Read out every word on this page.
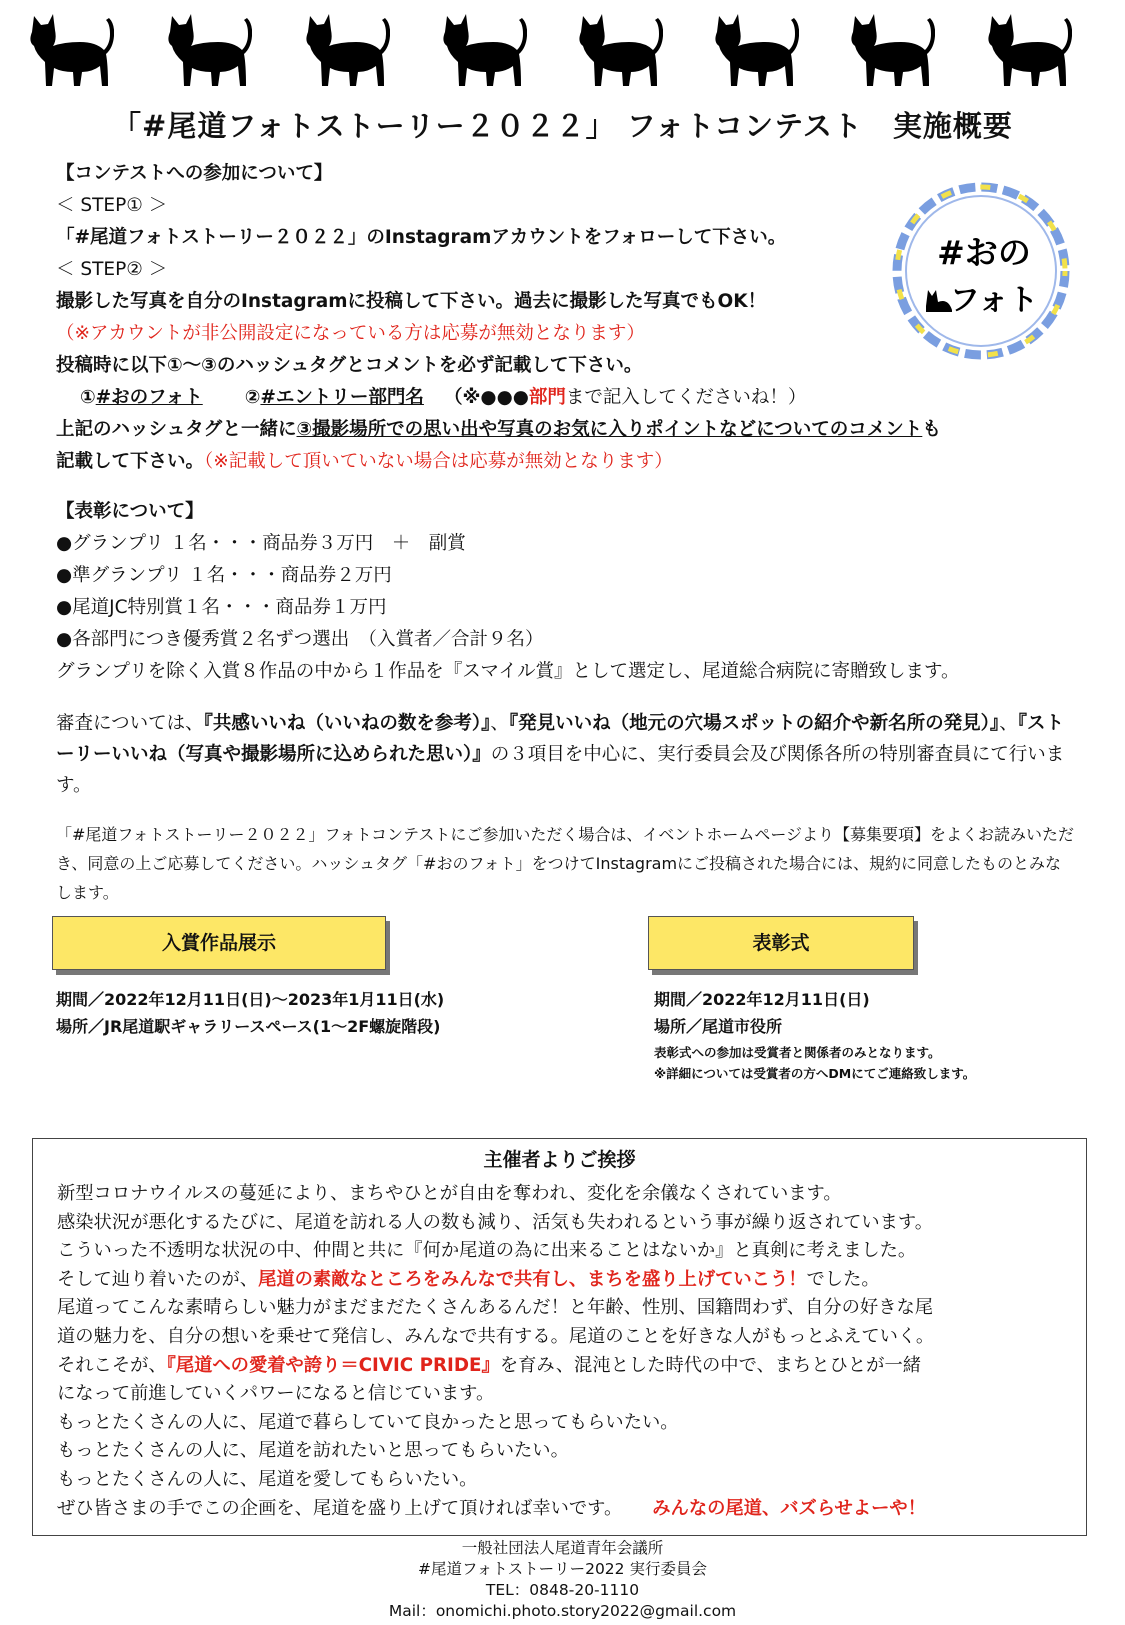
「#尾道フォトストーリー２０２２」 フォトコンテスト　実施概要
#おの
フォト
【コンテストへの参加について】
＜ STEP① ＞
「#尾道フォトストーリー２０２２」のInstagramアカウントをフォローして下さい。
＜ STEP② ＞
撮影した写真を自分のInstagramに投稿して下さい。過去に撮影した写真でもOK！
（※アカウントが非公開設定になっている方は応募が無効となります）
投稿時に以下①～③のハッシュタグとコメントを必ず記載して下さい。
①#おのフォト ②#エントリー部門名 （※●●●部門まで記入してくださいね！）
上記のハッシュタグと一緒に③撮影場所での思い出や写真のお気に入りポイントなどについてのコメントも
記載して下さい。（※記載して頂いていない場合は応募が無効となります）
【表彰について】
●グランプリ １名・・・商品券３万円　＋　副賞
●準グランプリ １名・・・商品券２万円
●尾道JC特別賞１名・・・商品券１万円
●各部門につき優秀賞２名ずつ選出　（入賞者／合計９名）
グランプリを除く入賞８作品の中から１作品を『スマイル賞』として選定し、尾道総合病院に寄贈致します。
審査については、『共感いいね（いいねの数を参考）』、『発見いいね（地元の穴場スポットの紹介や新名所の発見）』、『ストーリーいいね（写真や撮影場所に込められた思い）』の３項目を中心に、実行委員会及び関係各所の特別審査員にて行います。
「#尾道フォトストーリー２０２２」フォトコンテストにご参加いただく場合は、イベントホームページより【募集要項】をよくお読みいただき、同意の上ご応募してください。ハッシュタグ「#おのフォト」をつけてInstagramにご投稿された場合には、規約に同意したものとみなします。
入賞作品展示	表彰式
期間／2022年12月11日(日)～2023年1月11日(水)
場所／JR尾道駅ギャラリースペース(1～2F螺旋階段)
期間／2022年12月11日(日)
場所／尾道市役所
表彰式への参加は受賞者と関係者のみとなります。
※詳細については受賞者の方へDMにてご連絡致します。
主催者よりご挨拶
新型コロナウイルスの蔓延により、まちやひとが自由を奪われ、変化を余儀なくされています。
感染状況が悪化するたびに、尾道を訪れる人の数も減り、活気も失われるという事が繰り返されています。
こういった不透明な状況の中、仲間と共に『何か尾道の為に出来ることはないか』と真剣に考えました。
そして辿り着いたのが、尾道の素敵なところをみんなで共有し、まちを盛り上げていこう！でした。
尾道ってこんな素晴らしい魅力がまだまだたくさんあるんだ！と年齢、性別、国籍問わず、自分の好きな尾
道の魅力を、自分の想いを乗せて発信し、みんなで共有する。尾道のことを好きな人がもっとふえていく。
それこそが、『尾道への愛着や誇り＝CIVIC PRIDE』を育み、混沌とした時代の中で、まちとひとが一緒
になって前進していくパワーになると信じています。
もっとたくさんの人に、尾道で暮らしていて良かったと思ってもらいたい。
もっとたくさんの人に、尾道を訪れたいと思ってもらいたい。
もっとたくさんの人に、尾道を愛してもらいたい。
ぜひ皆さまの手でこの企画を、尾道を盛り上げて頂ければ幸いです。 みんなの尾道、バズらせよーや！
一般社団法人尾道青年会議所
#尾道フォトストーリー2022 実行委員会
TEL：0848-20-1110
Mail：onomichi.photo.story2022@gmail.com
